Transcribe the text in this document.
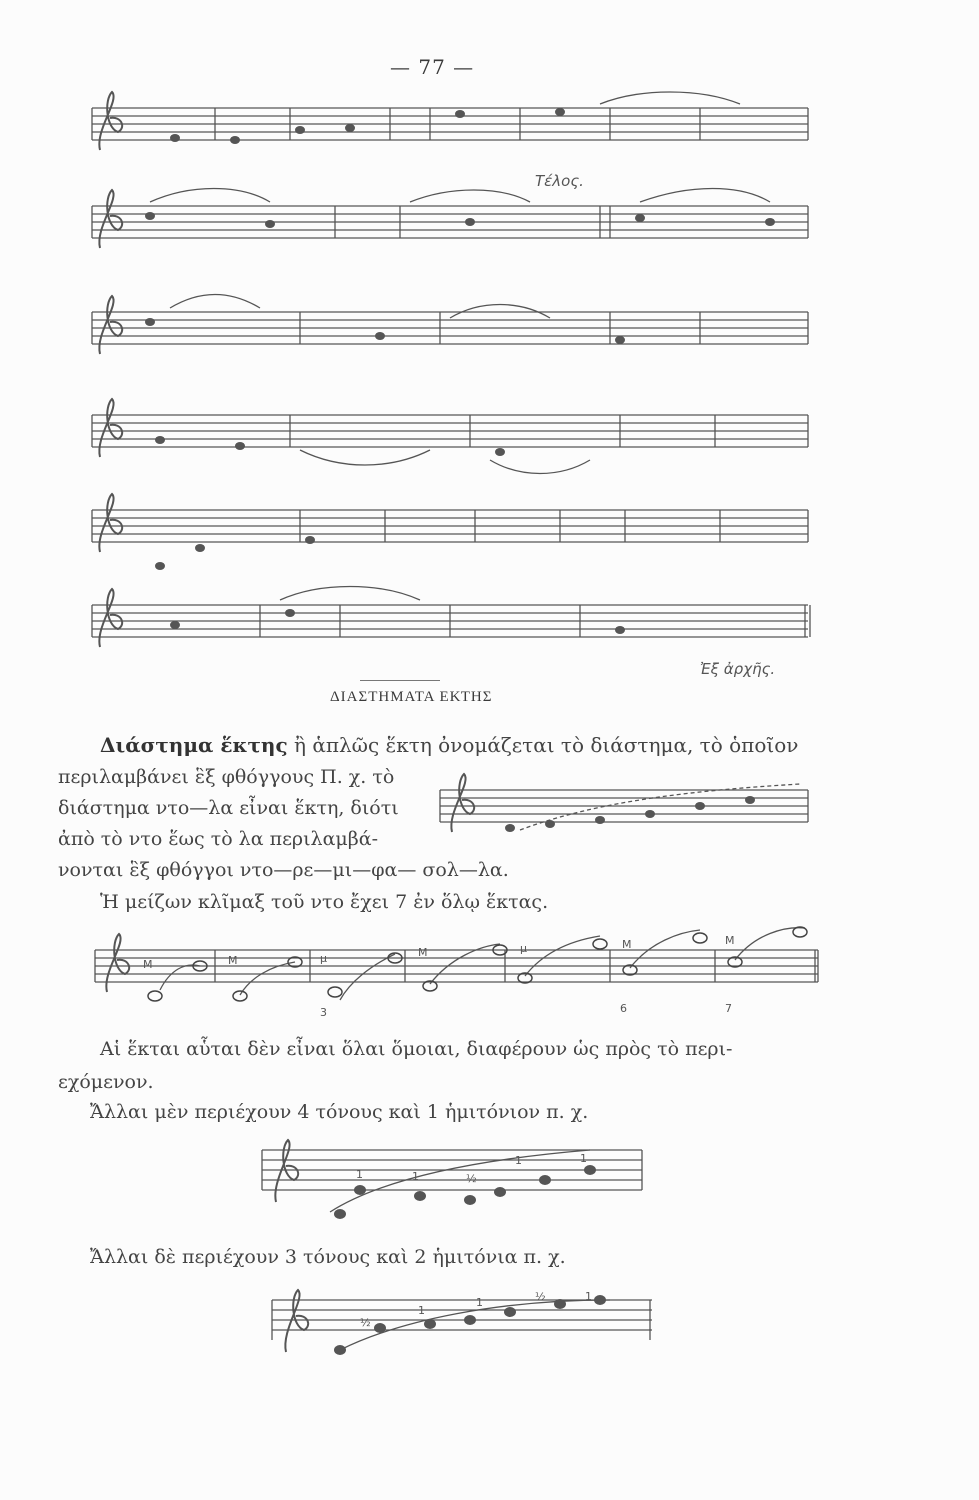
— 77 —
Τέλος.
Ἐξ ἀρχῆς.
ΔΙΑΣΤΗΜΑΤΑ ΕΚΤΗΣ
Διάστημα ἕκτης ἢ ἁπλῶς ἕκτη ὀνομάζεται τὸ διάστημα, τὸ ὁποῖον
περιλαμβάνει ἓξ φθόγγους Π. χ. τὸ
διάστημα ντο—λα εἶναι ἕκτη, διότι
ἀπὸ τὸ ντο ἕως τὸ λα περιλαμβά-
νονται ἓξ φθόγγοι ντο—ρε—μι—φα— σολ—λα.
Ἡ μείζων κλῖμαξ τοῦ ντο ἔχει 7 ἐν ὅλῳ ἕκτας.
M	M	μ	M	μ	M	M
3	6	7
Αἱ ἕκται αὗται δὲν εἶναι ὅλαι ὅμοιαι, διαφέρουν ὡς πρὸς τὸ περι-
εχόμενον.
Ἄλλαι μὲν περιέχουν 4 τόνους καὶ 1 ἡμιτόνιον π. χ.
1	1	½
1	1
Ἄλλαι δὲ περιέχουν 3 τόνους καὶ 2 ἡμιτόνια π. χ.
½
1
1	½	1
